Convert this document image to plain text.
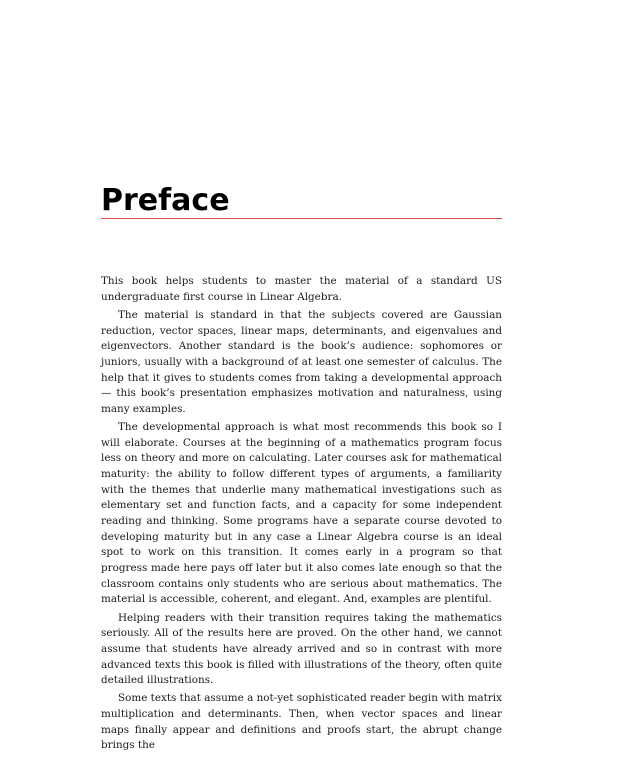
Preface

This book helps students to master the material of a standard US undergraduate first course in Linear Algebra.

The material is standard in that the subjects covered are Gaussian reduction, vector spaces, linear maps, determinants, and eigenvalues and eigenvectors. Another standard is the book’s audience: sophomores or juniors, usually with a background of at least one semester of calculus. The help that it gives to students comes from taking a developmental approach — this book’s presentation emphasizes motivation and naturalness, using many examples.

The developmental approach is what most recommends this book so I will elaborate. Courses at the beginning of a mathematics program focus less on theory and more on calculating. Later courses ask for mathematical maturity: the ability to follow different types of arguments, a familiarity with the themes that underlie many mathematical investigations such as elementary set and function facts, and a capacity for some independent reading and thinking. Some programs have a separate course devoted to developing maturity but in any case a Linear Algebra course is an ideal spot to work on this transition. It comes early in a program so that progress made here pays off later but it also comes late enough so that the classroom contains only students who are serious about mathematics. The material is accessible, coherent, and elegant. And, examples are plentiful.

Helping readers with their transition requires taking the mathematics seriously. All of the results here are proved. On the other hand, we cannot assume that students have already arrived and so in contrast with more advanced texts this book is filled with illustrations of the theory, often quite detailed illustrations.

Some texts that assume a not-yet sophisticated reader begin with matrix multiplication and determinants. Then, when vector spaces and linear maps finally appear and definitions and proofs start, the abrupt change brings the
